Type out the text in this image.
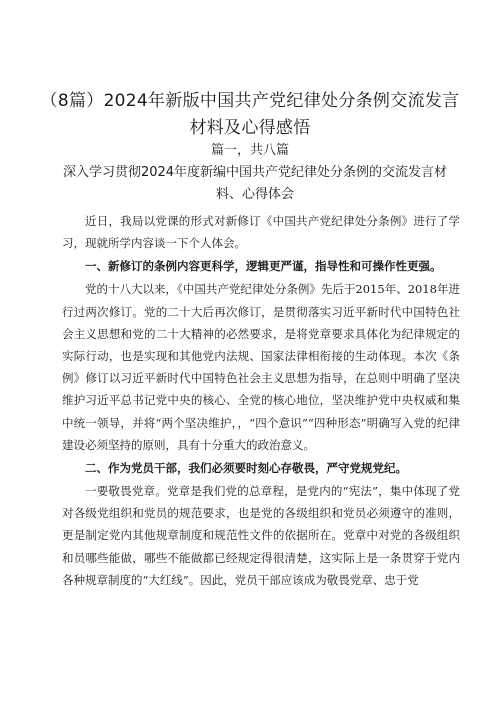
（8篇）2024年新版中国共产党纪律处分条例交流发言材料及心得感悟
篇一，共八篇
深入学习贯彻2024年度新编中国共产党纪律处分条例的交流发言材料、心得体会

近日，我局以党课的形式对新修订《中国共产党纪律处分条例》进行了学习，现就所学内容谈一下个人体会。

一、新修订的条例内容更科学，逻辑更严谨，指导性和可操作性更强。

党的十八大以来，《中国共产党纪律处分条例》先后于2015年、2018年进行过两次修订。党的二十大后再次修订，是贯彻落实习近平新时代中国特色社会主义思想和党的二十大精神的必然要求，是将党章要求具体化为纪律规定的实际行动，也是实现和其他党内法规、国家法律相衔接的生动体现。本次《条例》修订以习近平新时代中国特色社会主义思想为指导，在总则中明确了坚决维护习近平总书记党中央的核心、全党的核心地位，坚决维护党中央权威和集中统一领导，并将“两个坚决维护，，“四个意识”“四种形态”明确写入党的纪律建设必须坚持的原则，具有十分重大的政治意义。

二、作为党员干部，我们必须要时刻心存敬畏，严守党规党纪。

一要敬畏党章。党章是我们党的总章程，是党内的“宪法”，集中体现了党对各级党组织和党员的规范要求，也是党的各级组织和党员必须遵守的准则，更是制定党内其他规章制度和规范性文件的依据所在。党章中对党的各级组织和员哪些能做，哪些不能做都已经规定得很清楚，这实际上是一条贯穿于党内各种规章制度的“大红线”。因此，党员干部应该成为敬畏党章、忠于党
